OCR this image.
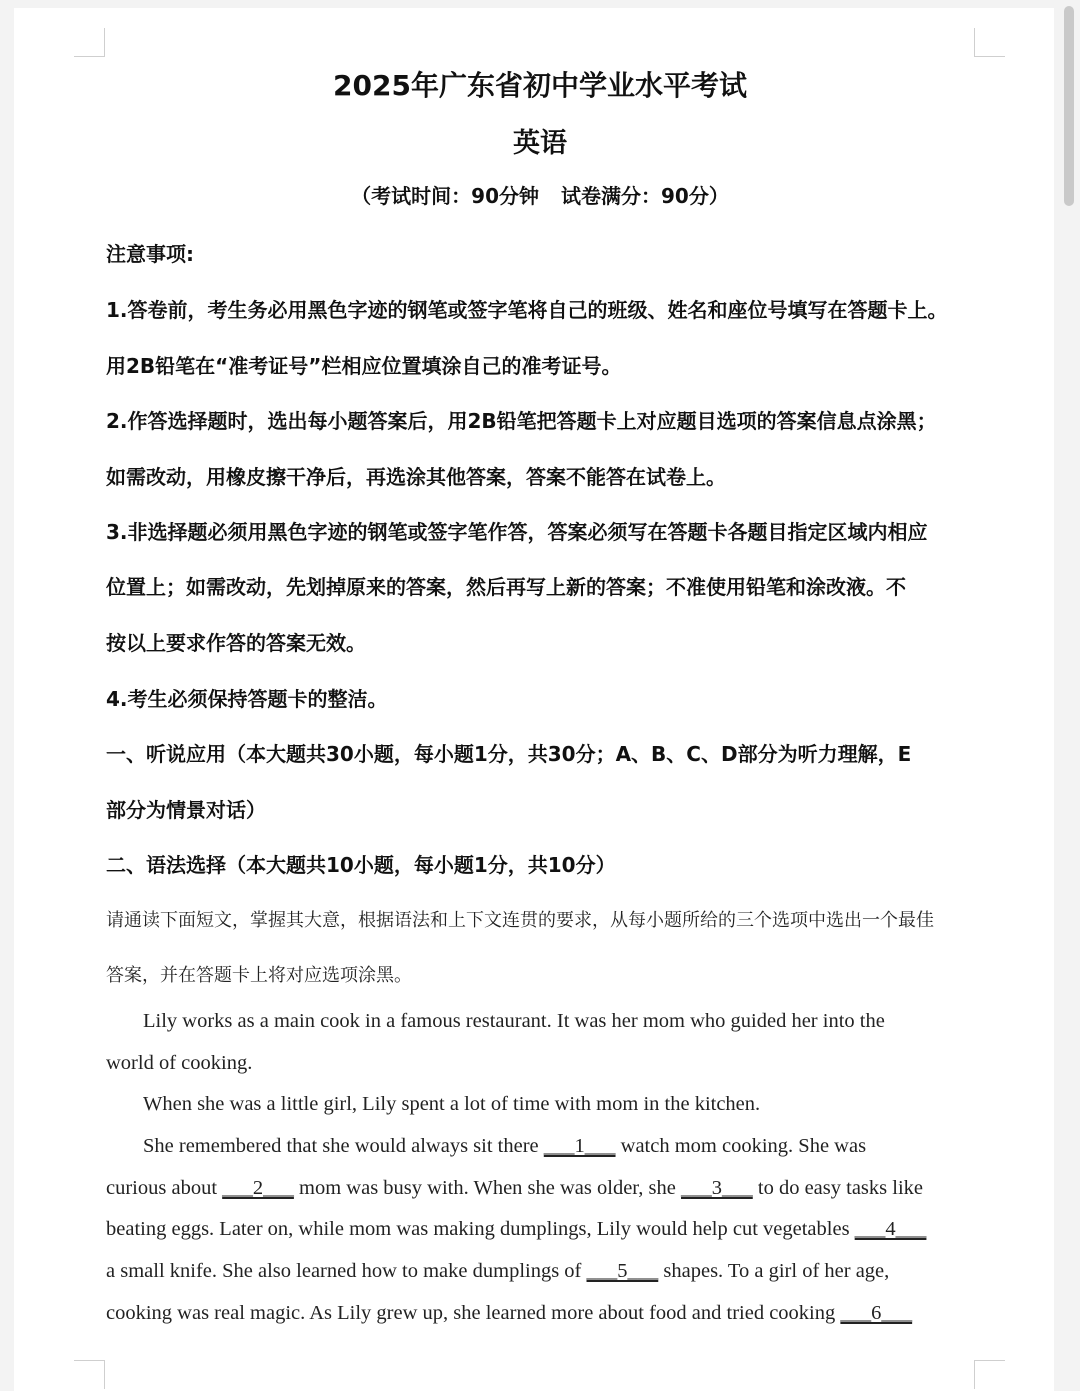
2025年广东省初中学业水平考试
英语
（考试时间：90分钟 试卷满分：90分）
注意事项:
1.答卷前，考生务必用黑色字迹的钢笔或签字笔将自己的班级、姓名和座位号填写在答题卡上。
用2B铅笔在“准考证号”栏相应位置填涂自己的准考证号。
2.作答选择题时，选出每小题答案后，用2B铅笔把答题卡上对应题目选项的答案信息点涂黑；
如需改动，用橡皮擦干净后，再选涂其他答案，答案不能答在试卷上。
3.非选择题必须用黑色字迹的钢笔或签字笔作答，答案必须写在答题卡各题目指定区域内相应
位置上；如需改动，先划掉原来的答案，然后再写上新的答案；不准使用铅笔和涂改液。不
按以上要求作答的答案无效。
4.考生必须保持答题卡的整洁。
一、听说应用（本大题共30小题，每小题1分，共30分；A、B、C、D部分为听力理解，E
部分为情景对话）
二、语法选择（本大题共10小题，每小题1分，共10分）
请通读下面短文，掌握其大意，根据语法和上下文连贯的要求，从每小题所给的三个选项中选出一个最佳
答案，并在答题卡上将对应选项涂黑。
Lily works as a main cook in a famous restaurant. It was her mom who guided her into the
world of cooking.
When she was a little girl, Lily spent a lot of time with mom in the kitchen.
She remembered that she would always sit there ___1___ watch mom cooking. She was
curious about ___2___ mom was busy with. When she was older, she ___3___ to do easy tasks like
beating eggs. Later on, while mom was making dumplings, Lily would help cut vegetables ___4___
a small knife. She also learned how to make dumplings of ___5___ shapes. To a girl of her age,
cooking was real magic. As Lily grew up, she learned more about food and tried cooking ___6___
